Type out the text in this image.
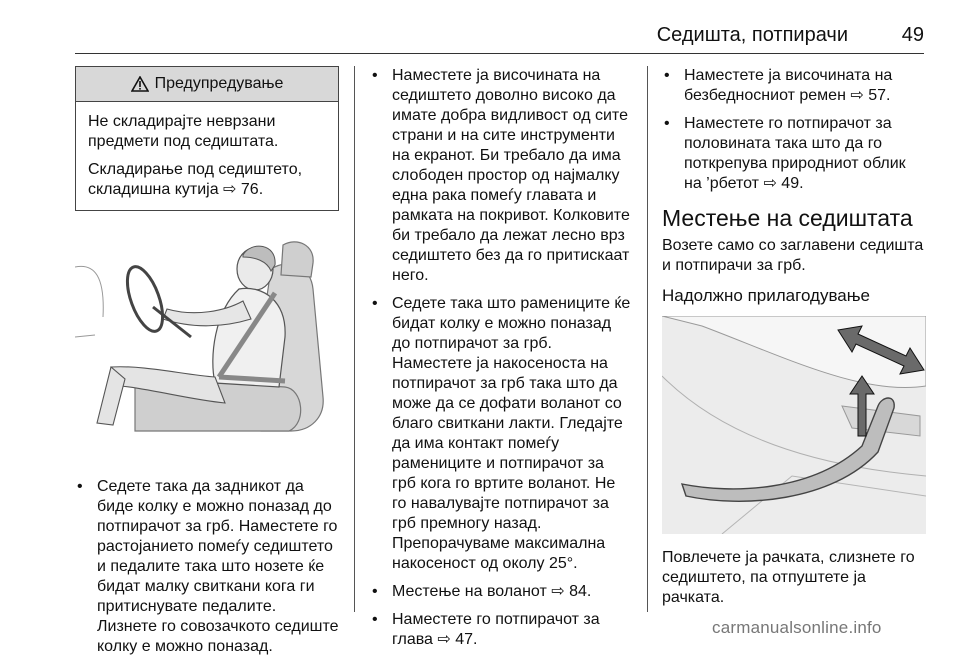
Седишта, потпирачи	49
Предупредување

Не складирајте неврзани предмети под седиштата.

Складирање под седиштето, складишна кутија ⇨ 76.

• Седете така да задникот да биде колку е можно поназад до потпирачот за грб. Наместете го растојанието помеѓу седиштето и педалите така што нозете ќе бидат малку свиткани кога ги притиснувате педалите. Лизнете го совозачкото седиште колку е можно поназад.
• Наместете ја височината на седиштето доволно високо да имате добра видливост од сите страни и на сите инструменти на екранот. Би требало да има слободен простор од најмалку една рака помеѓу главата и рамката на покривот. Колковите би требало да лежат лесно врз седиштето без да го притискаат него.
• Седете така што рамениците ќе бидат колку е можно поназад до потпирачот за грб. Наместете ја накосеноста на потпирачот за грб така што да може да се дофати воланот со благо свиткани лакти. Гледајте да има контакт помеѓу рамениците и потпирачот за грб кога го вртите воланот. Не го навалувајте потпирачот за грб премногу назад. Препорачуваме максимална накосеност од околу 25°.
• Местење на воланот ⇨ 84.
• Наместете го потпирачот за глава ⇨ 47.
• Наместете ја височината на безбедносниот ремен ⇨ 57.
• Наместете го потпирачот за половината така што да го поткрепува природниот облик на ’рбетот ⇨ 49.
Местење на седиштата

Возете само со заглавени седишта и потпирачи за грб.

Надолжно прилагодување

Повлечете ја рачката, слизнете го седиштето, па отпуштете ја рачката.

carmanualsonline.info
